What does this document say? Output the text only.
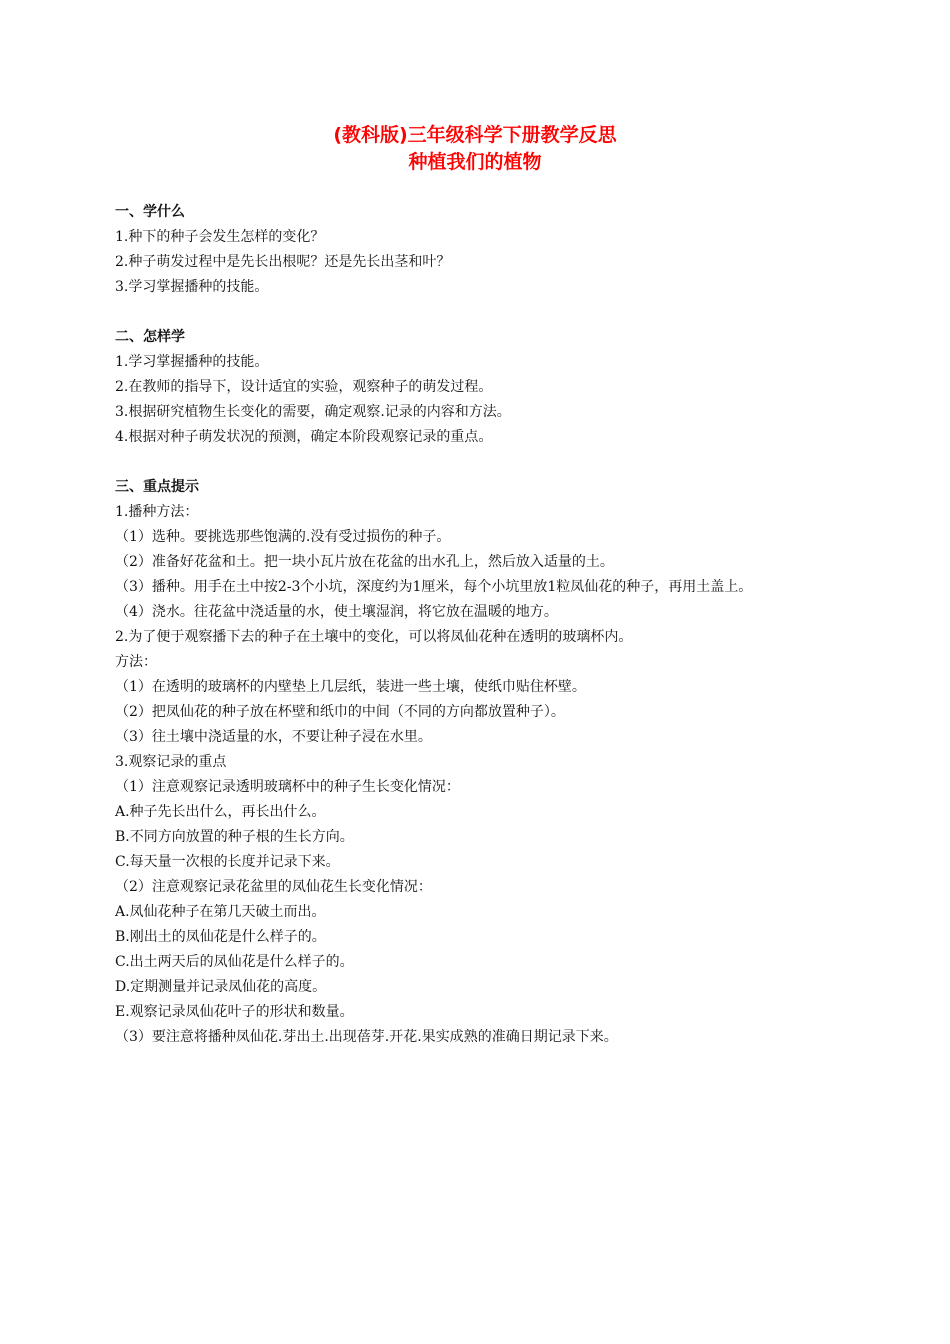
(教科版)三年级科学下册教学反思
种植我们的植物
一、学什么
1.种下的种子会发生怎样的变化？
2.种子萌发过程中是先长出根呢？还是先长出茎和叶？
3.学习掌握播种的技能。
二、怎样学
1.学习掌握播种的技能。
2.在教师的指导下，设计适宜的实验，观察种子的萌发过程。
3.根据研究植物生长变化的需要，确定观察.记录的内容和方法。
4.根据对种子萌发状况的预测，确定本阶段观察记录的重点。
三、重点提示
1.播种方法：
（1）选种。要挑选那些饱满的.没有受过损伤的种子。
（2）准备好花盆和土。把一块小瓦片放在花盆的出水孔上，然后放入适量的土。
（3）播种。用手在土中按2-3个小坑，深度约为1厘米，每个小坑里放1粒凤仙花的种子，再用土盖上。
（4）浇水。往花盆中浇适量的水，使土壤湿润，将它放在温暖的地方。
2.为了便于观察播下去的种子在土壤中的变化，可以将凤仙花种在透明的玻璃杯内。
方法：
（1）在透明的玻璃杯的内壁垫上几层纸，装进一些土壤，使纸巾贴住杯壁。
（2）把凤仙花的种子放在杯壁和纸巾的中间（不同的方向都放置种子）。
（3）往土壤中浇适量的水，不要让种子浸在水里。
3.观察记录的重点
（1）注意观察记录透明玻璃杯中的种子生长变化情况：
A.种子先长出什么，再长出什么。
B.不同方向放置的种子根的生长方向。
C.每天量一次根的长度并记录下来。
（2）注意观察记录花盆里的凤仙花生长变化情况：
A.凤仙花种子在第几天破土而出。
B.刚出土的凤仙花是什么样子的。
C.出土两天后的凤仙花是什么样子的。
D.定期测量并记录凤仙花的高度。
E.观察记录凤仙花叶子的形状和数量。
（3）要注意将播种凤仙花.芽出土.出现蓓芽.开花.果实成熟的准确日期记录下来。
